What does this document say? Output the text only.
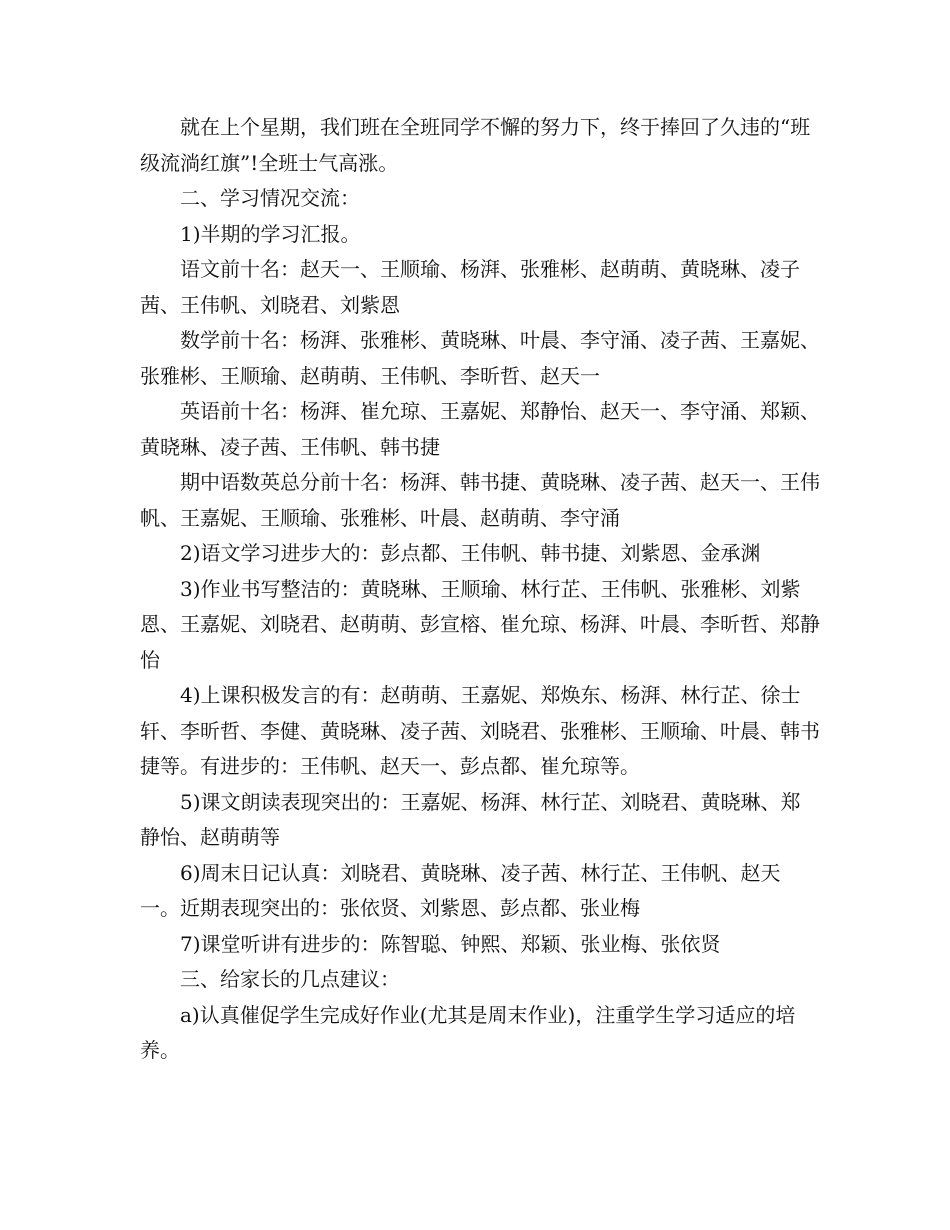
就在上个星期，我们班在全班同学不懈的努力下，终于捧回了久违的“班级流淌红旗”!全班士气高涨。

二、学习情况交流：

1)半期的学习汇报。

语文前十名：赵天一、王顺瑜、杨湃、张雅彬、赵萌萌、黄晓琳、凌子茜、王伟帆、刘晓君、刘紫恩

数学前十名：杨湃、张雅彬、黄晓琳、叶晨、李守涌、凌子茜、王嘉妮、张雅彬、王顺瑜、赵萌萌、王伟帆、李昕哲、赵天一

英语前十名：杨湃、崔允琼、王嘉妮、郑静怡、赵天一、李守涌、郑颖、黄晓琳、凌子茜、王伟帆、韩书捷

期中语数英总分前十名：杨湃、韩书捷、黄晓琳、凌子茜、赵天一、王伟帆、王嘉妮、王顺瑜、张雅彬、叶晨、赵萌萌、李守涌

2)语文学习进步大的：彭点都、王伟帆、韩书捷、刘紫恩、金承渊

3)作业书写整洁的：黄晓琳、王顺瑜、林行芷、王伟帆、张雅彬、刘紫恩、王嘉妮、刘晓君、赵萌萌、彭宣榕、崔允琼、杨湃、叶晨、李昕哲、郑静怡

4)上课积极发言的有：赵萌萌、王嘉妮、郑焕东、杨湃、林行芷、徐士轩、李昕哲、李健、黄晓琳、凌子茜、刘晓君、张雅彬、王顺瑜、叶晨、韩书捷等。有进步的：王伟帆、赵天一、彭点都、崔允琼等。

5)课文朗读表现突出的：王嘉妮、杨湃、林行芷、刘晓君、黄晓琳、郑静怡、赵萌萌等

6)周末日记认真：刘晓君、黄晓琳、凌子茜、林行芷、王伟帆、赵天一。近期表现突出的：张依贤、刘紫恩、彭点都、张业梅

7)课堂听讲有进步的：陈智聪、钟熙、郑颖、张业梅、张依贤

三、给家长的几点建议：

a)认真催促学生完成好作业(尤其是周末作业)，注重学生学习适应的培养。
